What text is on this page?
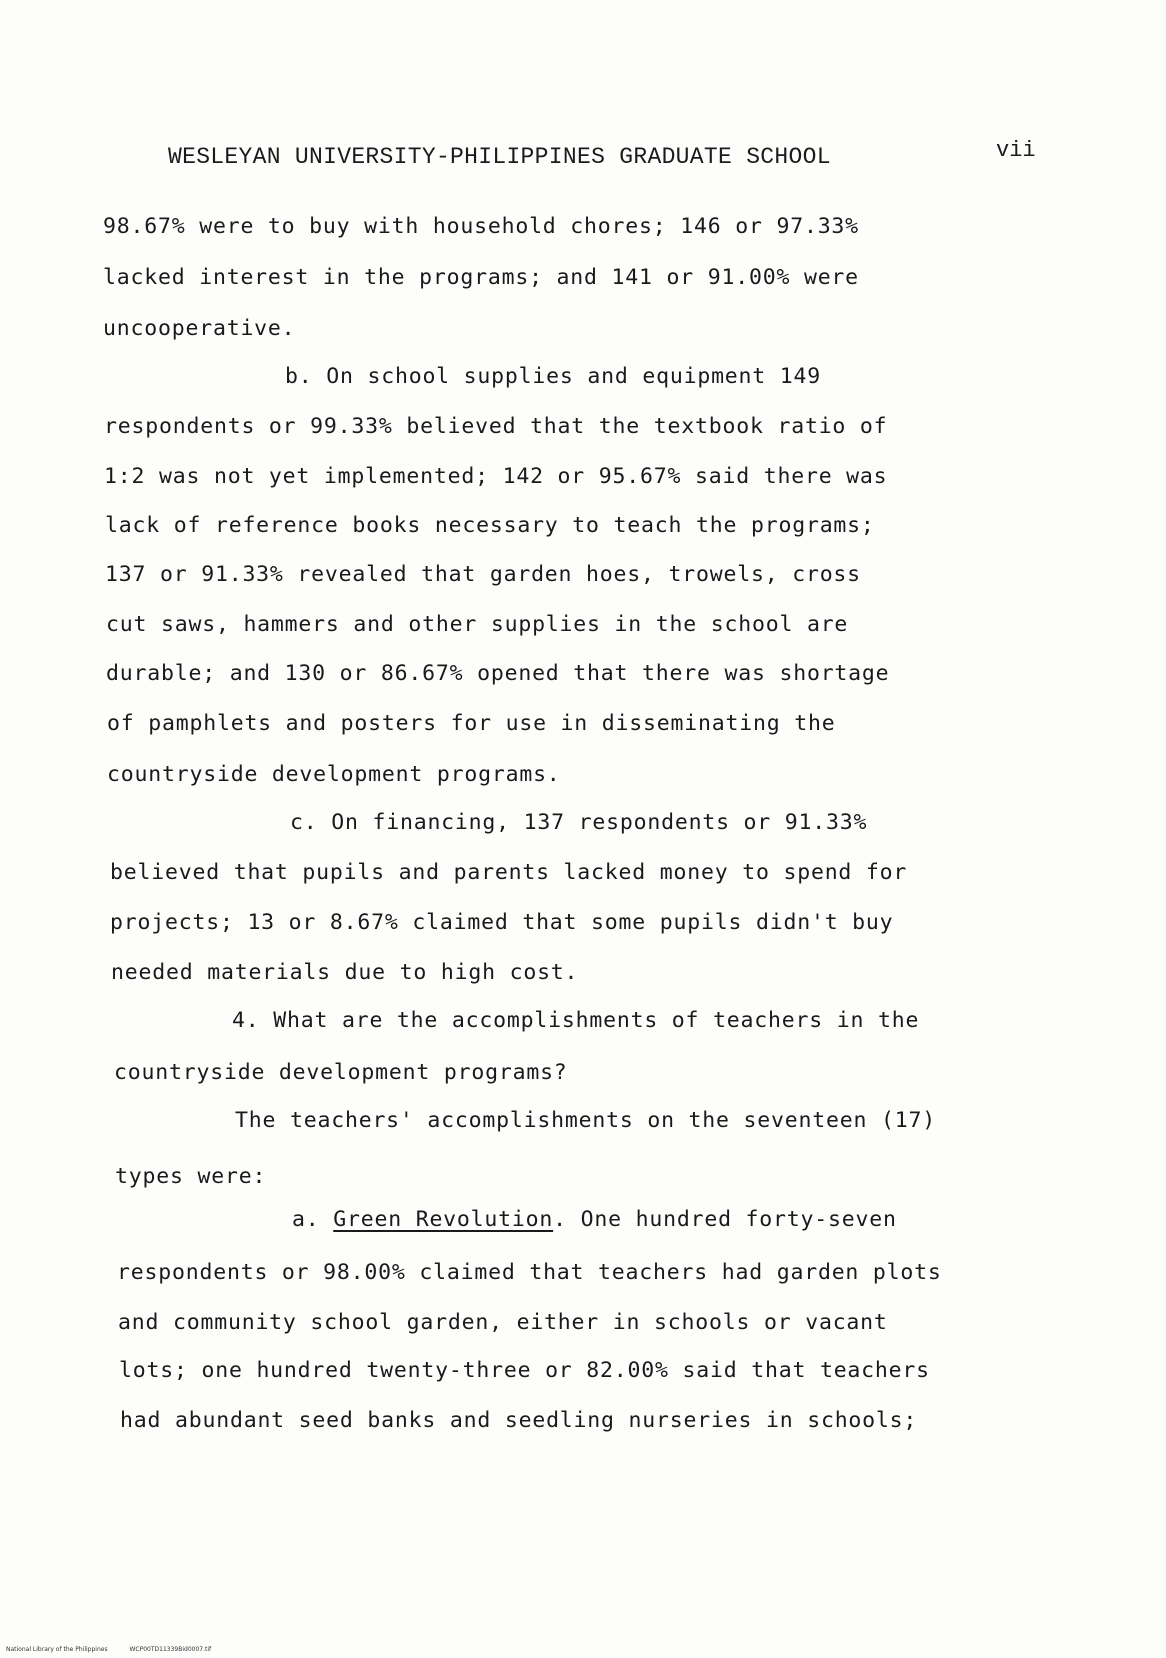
WESLEYAN UNIVERSITY-PHILIPPINES GRADUATE SCHOOL	vii
98.67% were to buy with household chores; 146 or 97.33%
lacked interest in the programs; and 141 or 91.00% were
uncooperative.
b. On school supplies and equipment 149
respondents or 99.33% believed that the textbook ratio of
1:2 was not yet implemented; 142 or 95.67% said there was
lack of reference books necessary to teach the programs;
137 or 91.33% revealed that garden hoes, trowels, cross
cut saws, hammers and other supplies in the school are
durable; and 130 or 86.67% opened that there was shortage
of pamphlets and posters for use in disseminating the
countryside development programs.
c. On financing, 137 respondents or 91.33%
believed that pupils and parents lacked money to spend for
projects; 13 or 8.67% claimed that some pupils didn't buy
needed materials due to high cost.
4. What are the accomplishments of teachers in the
countryside development programs?
The teachers' accomplishments on the seventeen (17)
types were:
a. Green Revolution. One hundred forty-seven
respondents or 98.00% claimed that teachers had garden plots
and community school garden, either in schools or vacant
lots; one hundred twenty-three or 82.00% said that teachers
had abundant seed banks and seedling nurseries in schools;
National Library of the Philippines	WCP00TD11339Bid0007.tif
